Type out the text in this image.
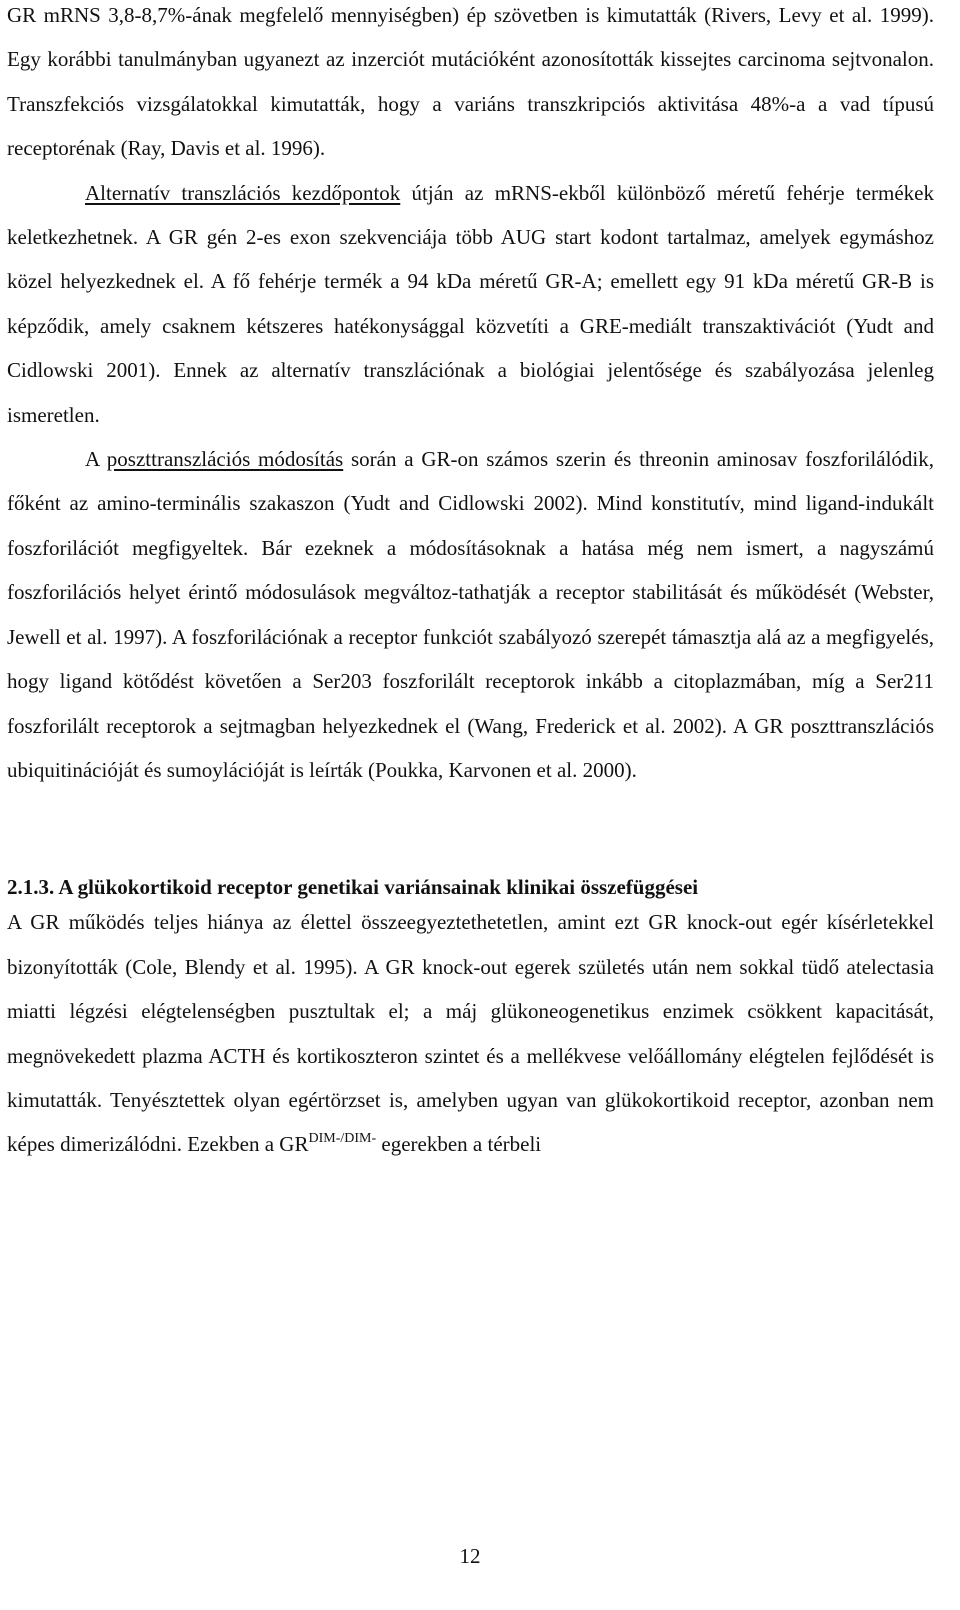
GR mRNS 3,8-8,7%-ának megfelelő mennyiségben) ép szövetben is kimutatták (Rivers, Levy et al. 1999). Egy korábbi tanulmányban ugyanezt az inzerciót mutációként azonosították kissejtes carcinoma sejtvonalon. Transzfekciós vizsgálatokkal kimutatták, hogy a variáns transzkripciós aktivitása 48%-a a vad típusú receptorénak (Ray, Davis et al. 1996).

Alternatív transzlációs kezdőpontok útján az mRNS-ekből különböző méretű fehérje termékek keletkezhetnek. A GR gén 2-es exon szekvenciája több AUG start kodont tartalmaz, amelyek egymáshoz közel helyezkednek el. A fő fehérje termék a 94 kDa méretű GR-A; emellett egy 91 kDa méretű GR-B is képződik, amely csaknem kétszeres hatékonysággal közvetíti a GRE-mediált transzaktivációt (Yudt and Cidlowski 2001). Ennek az alternatív transzlációnak a biológiai jelentősége és szabályozása jelenleg ismeretlen.

A poszttranszlációs módosítás során a GR-on számos szerin és threonin aminosav foszforilálódik, főként az amino-terminális szakaszon (Yudt and Cidlowski 2002). Mind konstitutív, mind ligand-indukált foszforilációt megfigyeltek. Bár ezeknek a módosításoknak a hatása még nem ismert, a nagyszámú foszforilációs helyet érintő módosulások megváltoz-tathatják a receptor stabilitását és működését (Webster, Jewell et al. 1997). A foszforilációnak a receptor funkciót szabályozó szerepét támasztja alá az a megfigyelés, hogy ligand kötődést követően a Ser203 foszforilált receptorok inkább a citoplazmában, míg a Ser211 foszforilált receptorok a sejtmagban helyezkednek el (Wang, Frederick et al. 2002). A GR poszttranszlációs ubiquitinációját és sumoylációját is leírták (Poukka, Karvonen et al. 2000).

2.1.3. A glükokortikoid receptor genetikai variánsainak klinikai összefüggései

A GR működés teljes hiánya az élettel összeegyeztethetetlen, amint ezt GR knock-out egér kísérletekkel bizonyították (Cole, Blendy et al. 1995). A GR knock-out egerek születés után nem sokkal tüdő atelectasia miatti légzési elégtelenségben pusztultak el; a máj glükoneogenetikus enzimek csökkent kapacitását, megnövekedett plazma ACTH és kortikoszteron szintet és a mellékvese velőállomány elégtelen fejlődését is kimutatták. Tenyésztettek olyan egértörzset is, amelyben ugyan van glükokortikoid receptor, azonban nem képes dimerizálódni. Ezekben a $GR^{DIM-/DIM-}$ egerekben a térbeli

12
